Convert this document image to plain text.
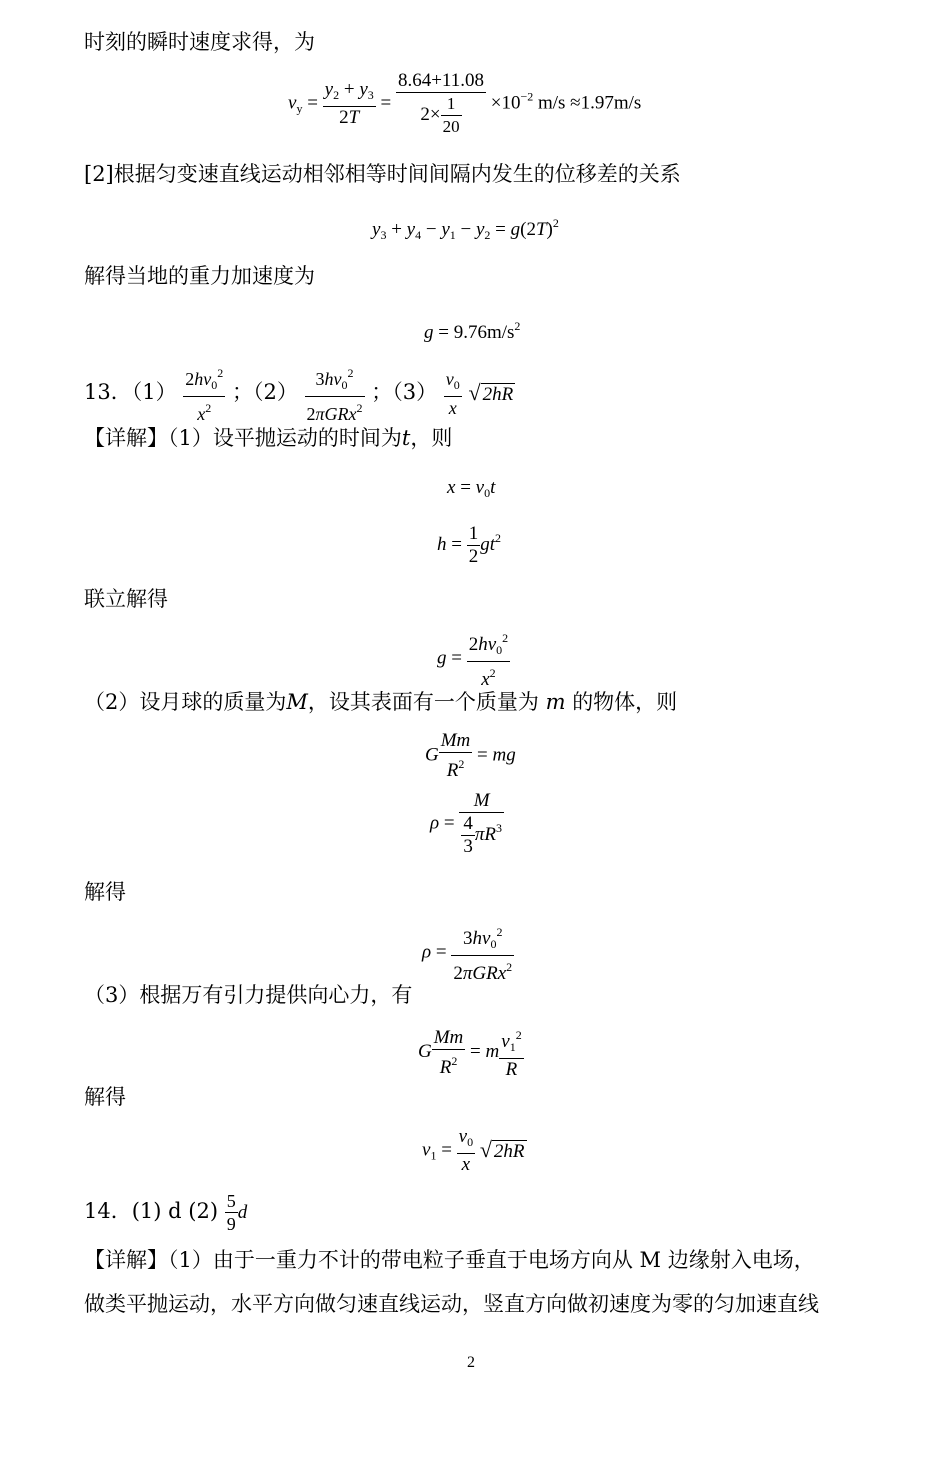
时刻的瞬时速度求得，为
$v_y = \frac{y_2 + y_3}{2T} = \frac{8.64+11.08}{2\times \frac{1}{20}} \times 10^{-2}$ m/s ≈1.97m/s
[2]根据匀变速直线运动相邻相等时间间隔内发生的位移差的关系
$y_3 + y_4 - y_1 - y_2 = g(2T)^2$
解得当地的重力加速度为
$g = 9.76m/s^2$
13．$(1) \frac{2hv_0^2}{x^2}$ ；$(2) \frac{3hv_0^2}{2\pi GRx^2}$ ；$(3) \frac{v_0}{x}$ √ 2hR
【详解】（1）设平抛运动的时间为t，则
$x = v_0t$
$h = \frac{1}{2} gt^2$
联立解得
$g = \frac{2hv_0^2}{x^2}$
（2）设月球的质量为M，设其表面有一个质量为 m 的物体，则
G $\frac{Mm}{R^2}$ = mg
$\rho = \frac{M}{\frac{4}{3} \pi R^3}$
解得
$\rho = \frac{3hv_0^2}{2\pi GRx^2}$
（3）根据万有引力提供向心力，有
G $\frac{Mm}{R^2} = m \frac{v_1^2}{R}$
解得
$v_1 = \frac{v_0}{x}$ √ 2hR
14．(1) d $(2) \frac{5}{9}$ d
【详解】（1）由于一重力不计的带电粒子垂直于电场方向从 M 边缘射入电场，
做类平抛运动，水平方向做匀速直线运动，竖直方向做初速度为零的匀加速直线
2
